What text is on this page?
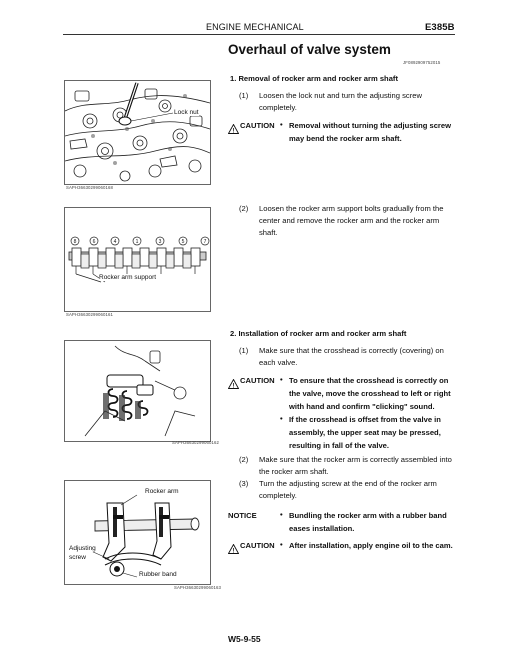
ENGINE MECHANICAL	E385B
Overhaul of valve system
JF0892909752015
1. Removal of rocker arm and rocker arm shaft
(1) Loosen the lock nut and turn the adjusting screw
completely.
!
CAUTION • Removal without turning the adjusting screw
may bend the rocker arm shaft.
Lock nut
SAPH36630299060168
(2) Loosen the rocker arm support bolts gradually from the
center and remove the rocker arm and the rocker arm
shaft.
8	6	4	1	3	5	7
Rocker arm support
SAPH36630299060161
2. Installation of rocker arm and rocker arm shaft
(1) Make sure that the crosshead is correctly (covering) on
each valve.
!
CAUTION • To ensure that the crosshead is correctly on
the valve, move the crosshead to left or right
with hand and confirm "clicking" sound.
• If the crosshead is offset from the valve in
assembly, the upper seat may be pressed,
resulting in fall of the valve.
SAPH36630299060162
(2) Make sure that the rocker arm is correctly assembled into
the rocker arm shaft.
(3) Turn the adjusting screw at the end of the rocker arm
completely.
NOTICE	• Bundling the rocker arm with a rubber band
eases installation.
!
CAUTION • After installation, apply engine oil to the cam.
Rocker arm
Adjusting
screw
Rubber band
SAPH36630299060163
W5-9-55
